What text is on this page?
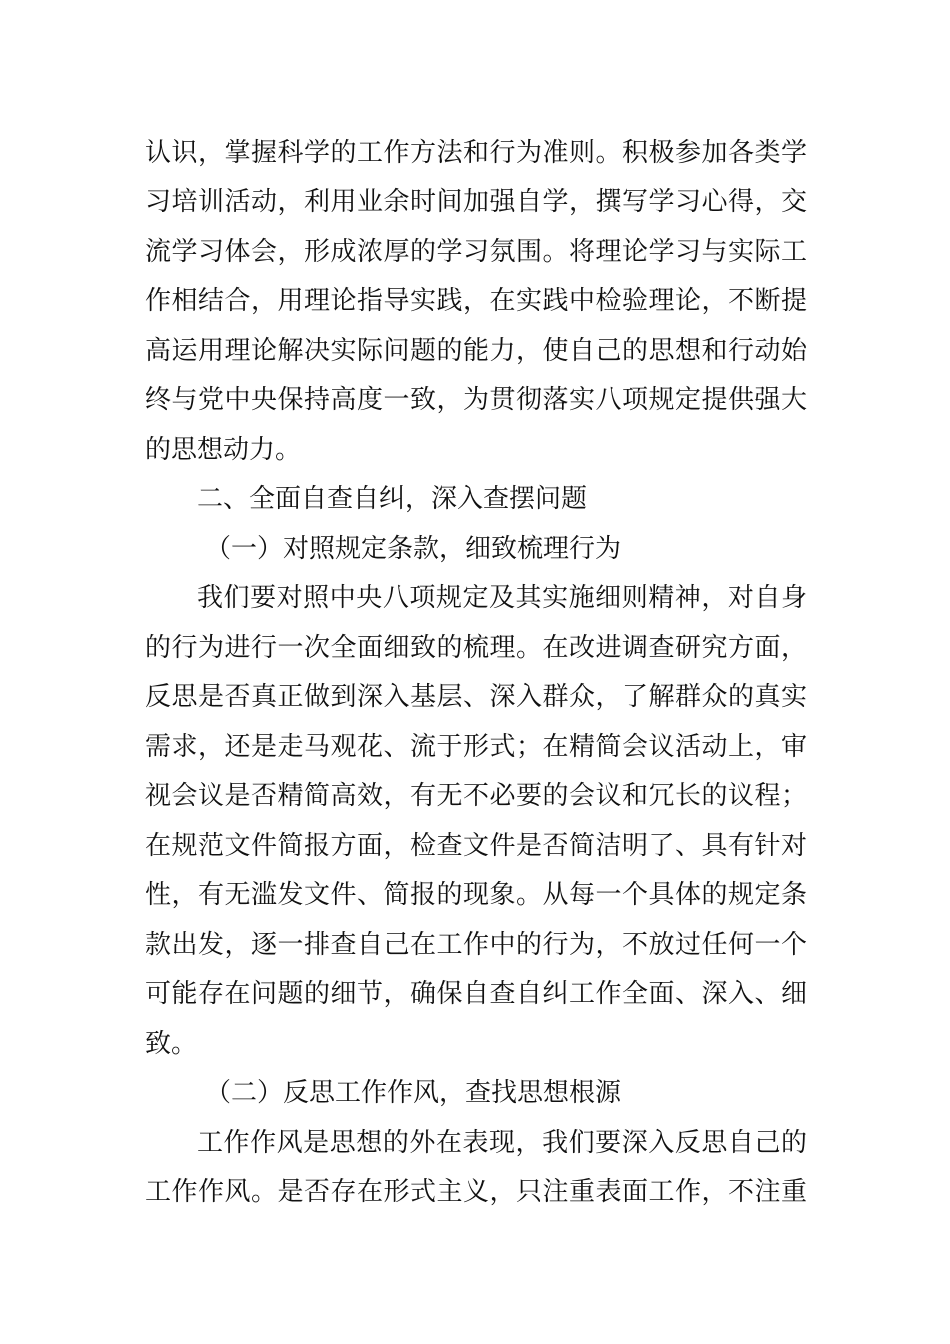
认识，掌握科学的工作方法和行为准则。积极参加各类学
习培训活动，利用业余时间加强自学，撰写学习心得，交
流学习体会，形成浓厚的学习氛围。将理论学习与实际工
作相结合，用理论指导实践，在实践中检验理论，不断提
高运用理论解决实际问题的能力，使自己的思想和行动始
终与党中央保持高度一致，为贯彻落实八项规定提供强大
的思想动力。
二、全面自查自纠，深入查摆问题
（一）对照规定条款，细致梳理行为
我们要对照中央八项规定及其实施细则精神，对自身
的行为进行一次全面细致的梳理。在改进调查研究方面，
反思是否真正做到深入基层、深入群众，了解群众的真实
需求，还是走马观花、流于形式；在精简会议活动上，审
视会议是否精简高效，有无不必要的会议和冗长的议程；
在规范文件简报方面，检查文件是否简洁明了、具有针对
性，有无滥发文件、简报的现象。从每一个具体的规定条
款出发，逐一排查自己在工作中的行为，不放过任何一个
可能存在问题的细节，确保自查自纠工作全面、深入、细
致。
（二）反思工作作风，查找思想根源
工作作风是思想的外在表现，我们要深入反思自己的
工作作风。是否存在形式主义，只注重表面工作，不注重
